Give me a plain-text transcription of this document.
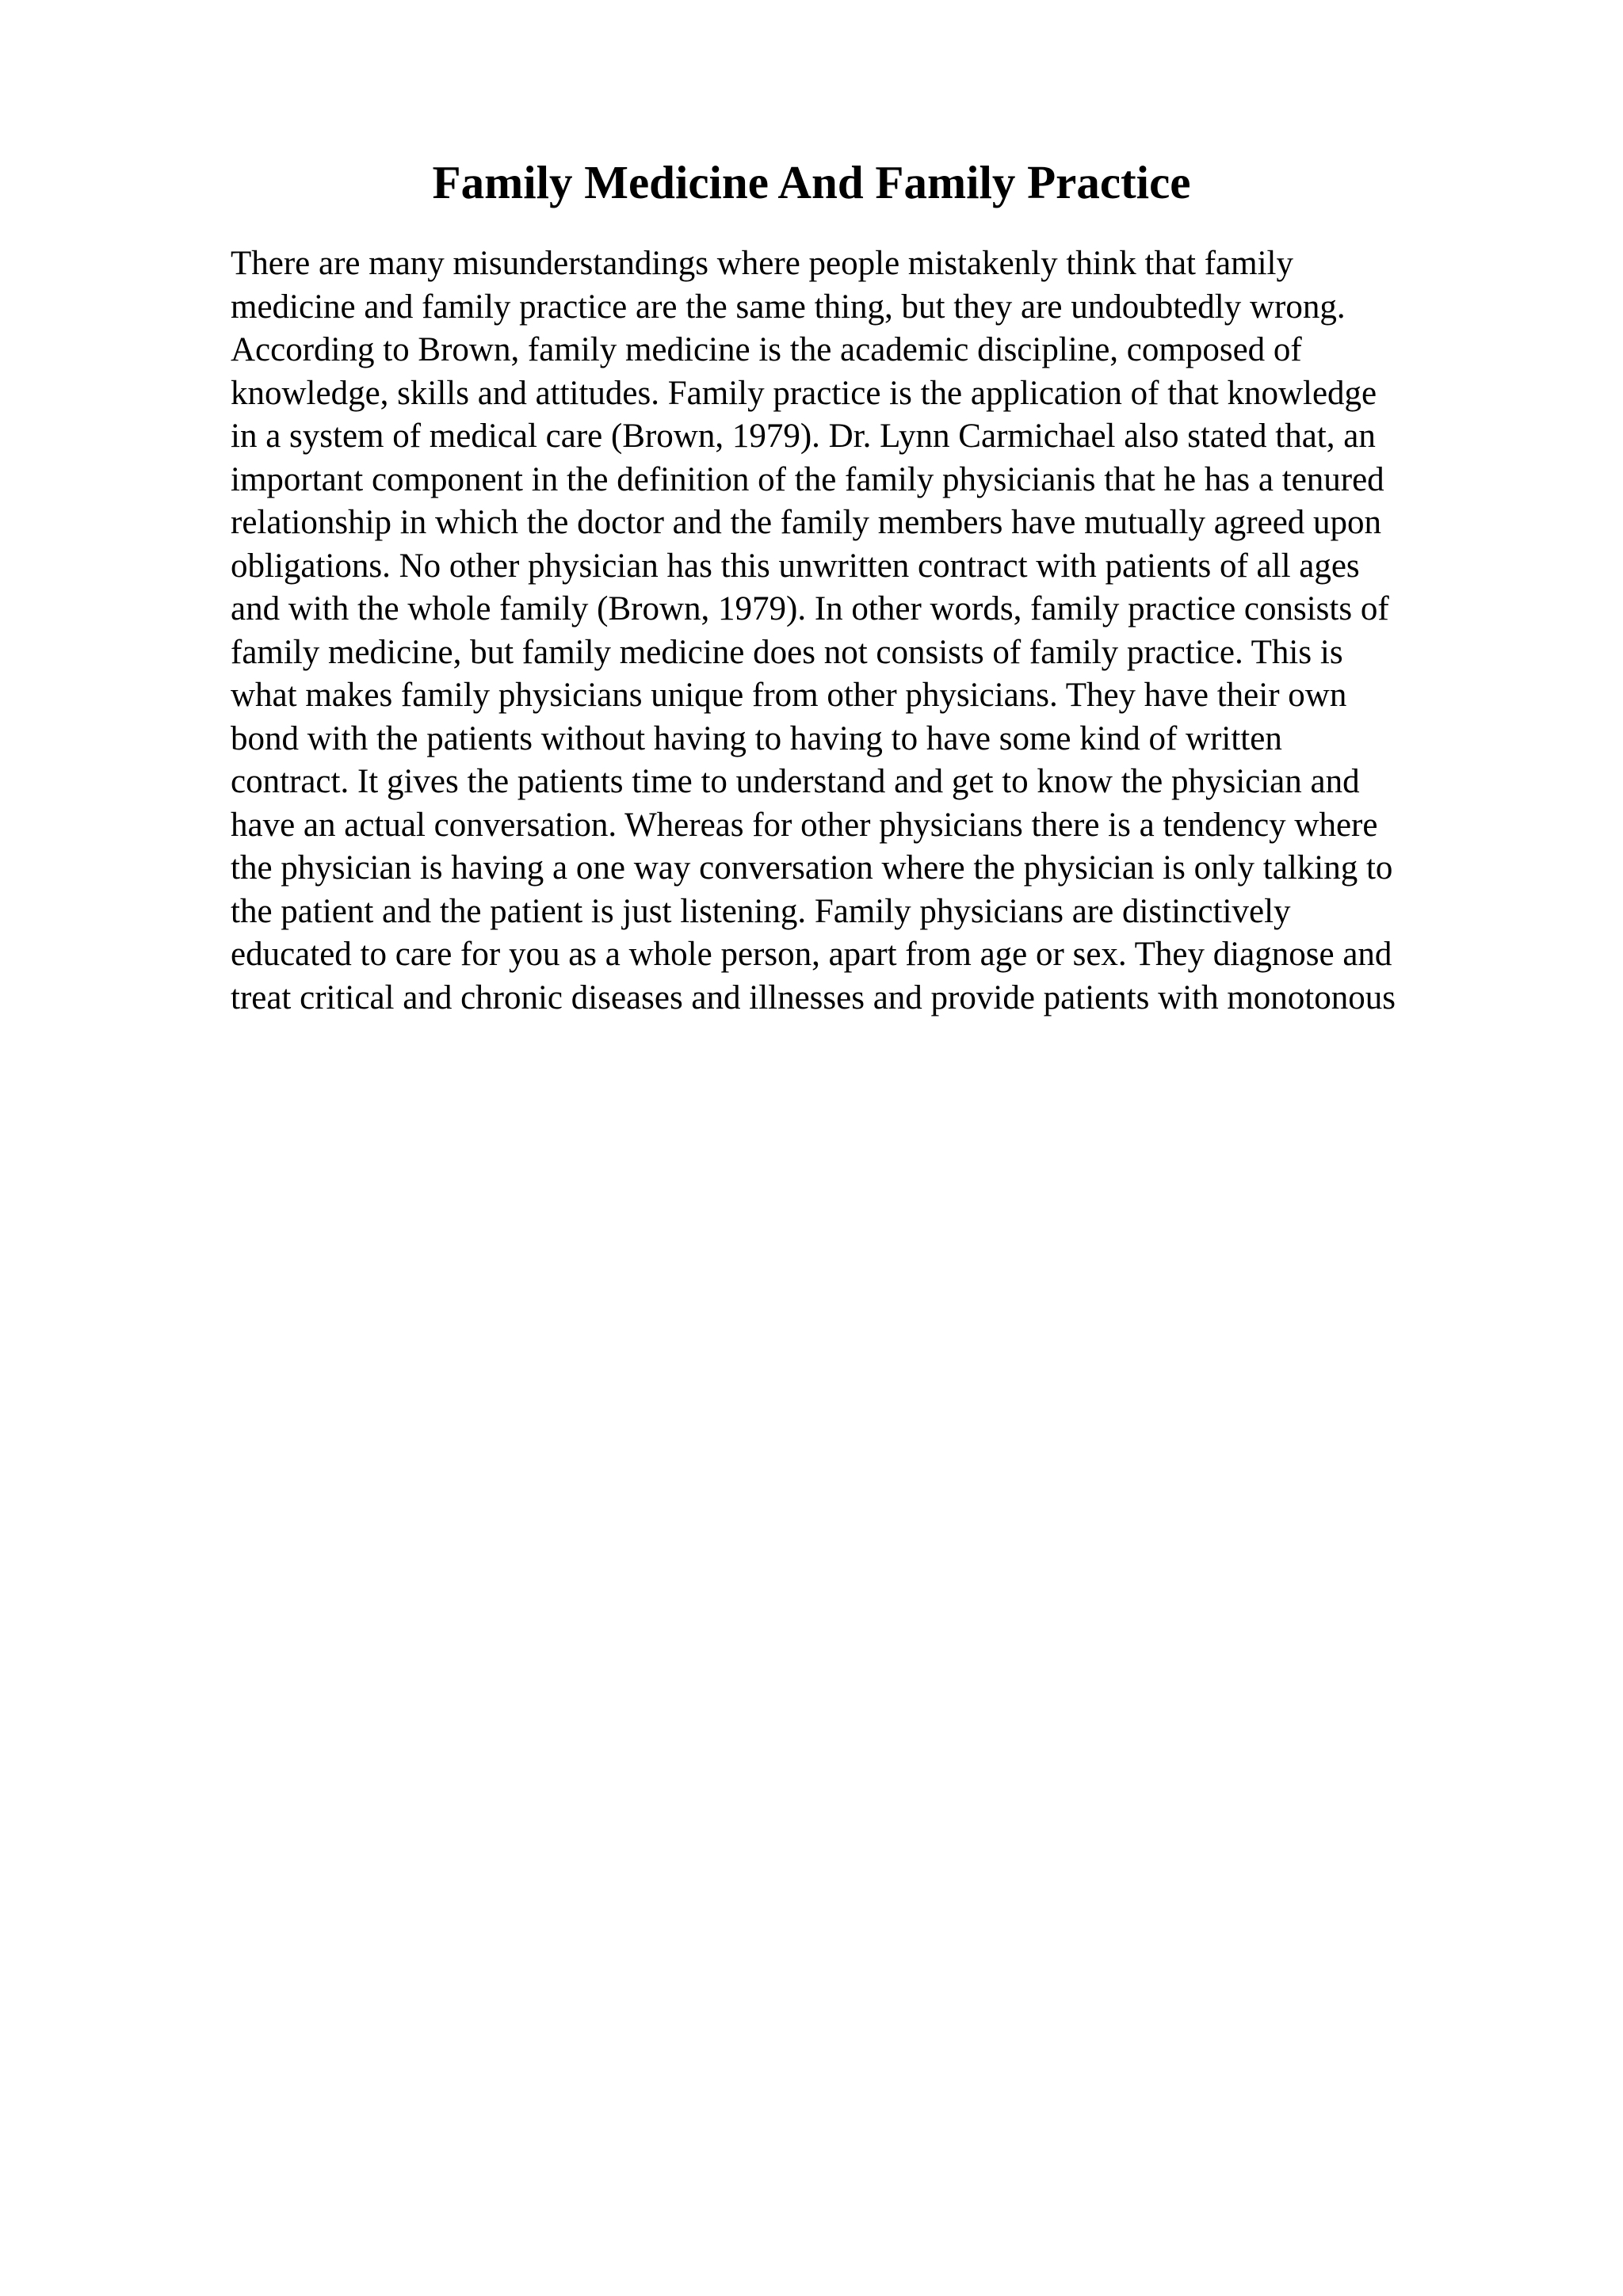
Family Medicine And Family Practice
There are many misunderstandings where people mistakenly think that family
medicine and family practice are the same thing, but they are undoubtedly wrong.
According to Brown, family medicine is the academic discipline, composed of
knowledge, skills and attitudes. Family practice is the application of that knowledge
in a system of medical care (Brown, 1979). Dr. Lynn Carmichael also stated that, an
important component in the definition of the family physicianis that he has a tenured
relationship in which the doctor and the family members have mutually agreed upon
obligations. No other physician has this unwritten contract with patients of all ages
and with the whole family (Brown, 1979). In other words, family practice consists of
family medicine, but family medicine does not consists of family practice. This is
what makes family physicians unique from other physicians. They have their own
bond with the patients without having to having to have some kind of written
contract. It gives the patients time to understand and get to know the physician and
have an actual conversation. Whereas for other physicians there is a tendency where
the physician is having a one way conversation where the physician is only talking to
the patient and the patient is just listening. Family physicians are distinctively
educated to care for you as a whole person, apart from age or sex. They diagnose and
treat critical and chronic diseases and illnesses and provide patients with monotonous
